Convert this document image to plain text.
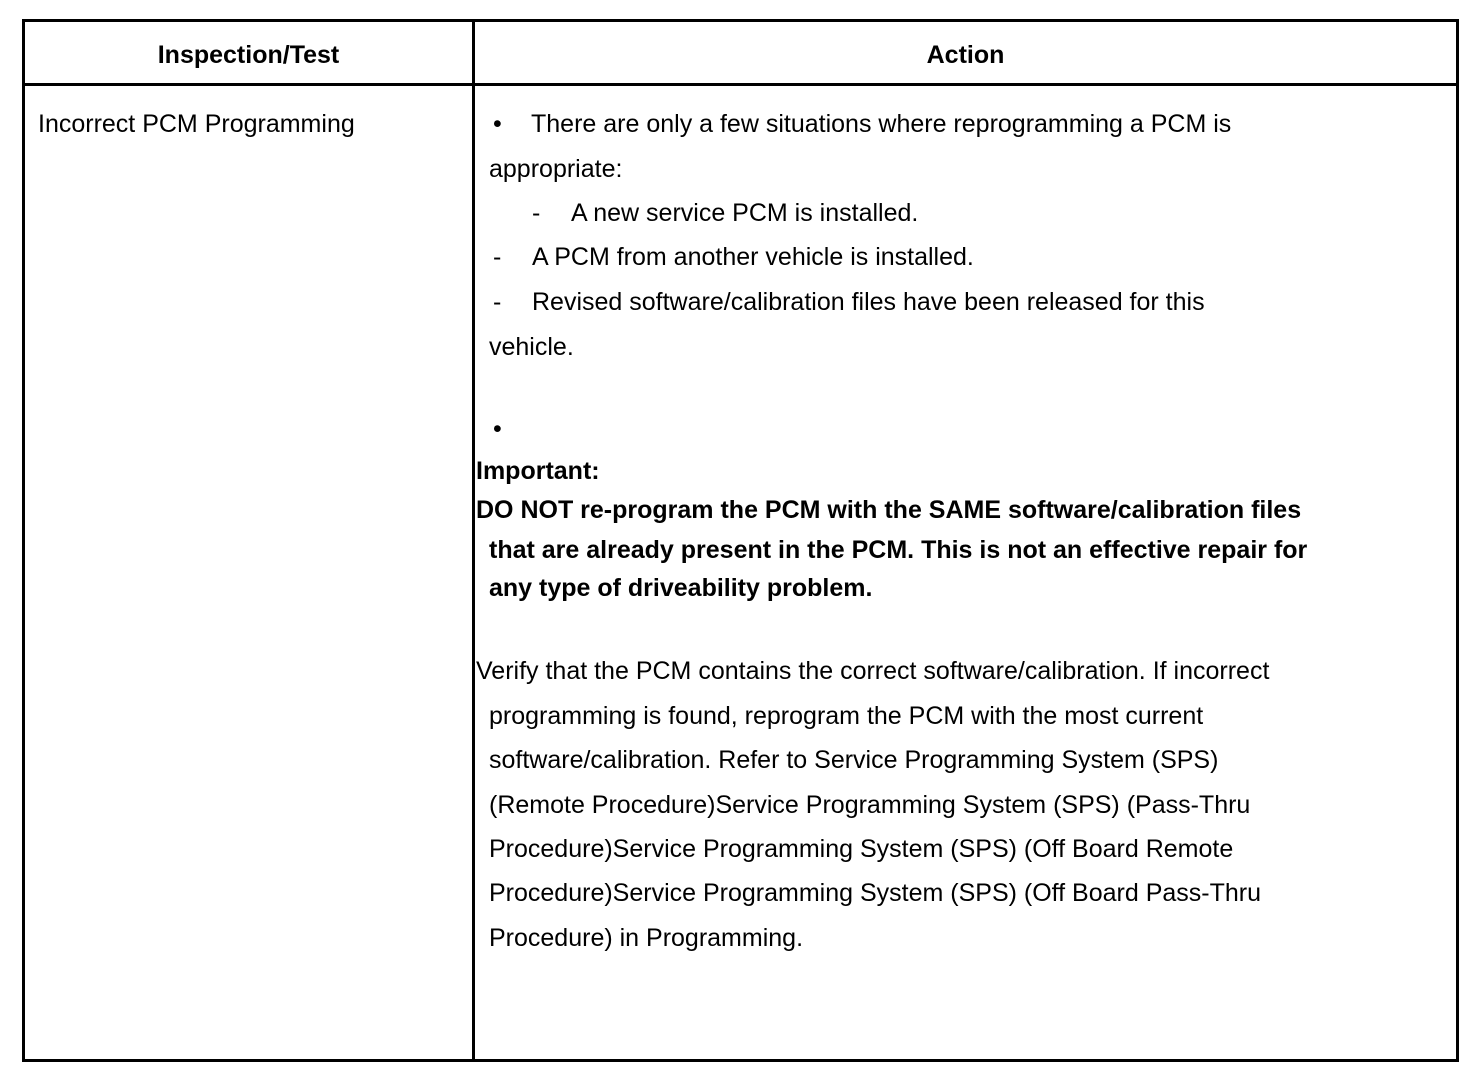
Inspection/Test	Action
Incorrect PCM Programming	• There are only a few situations where reprogramming a PCM is
appropriate:
- A new service PCM is installed.
- A PCM from another vehicle is installed.
- Revised software/calibration files have been released for this
vehicle.
•
Important:
DO NOT re-program the PCM with the SAME software/calibration files
that are already present in the PCM. This is not an effective repair for
any type of driveability problem.
Verify that the PCM contains the correct software/calibration. If incorrect
programming is found, reprogram the PCM with the most current
software/calibration. Refer to Service Programming System (SPS)
(Remote Procedure)Service Programming System (SPS) (Pass-Thru
Procedure)Service Programming System (SPS) (Off Board Remote
Procedure)Service Programming System (SPS) (Off Board Pass-Thru
Procedure) in Programming.
